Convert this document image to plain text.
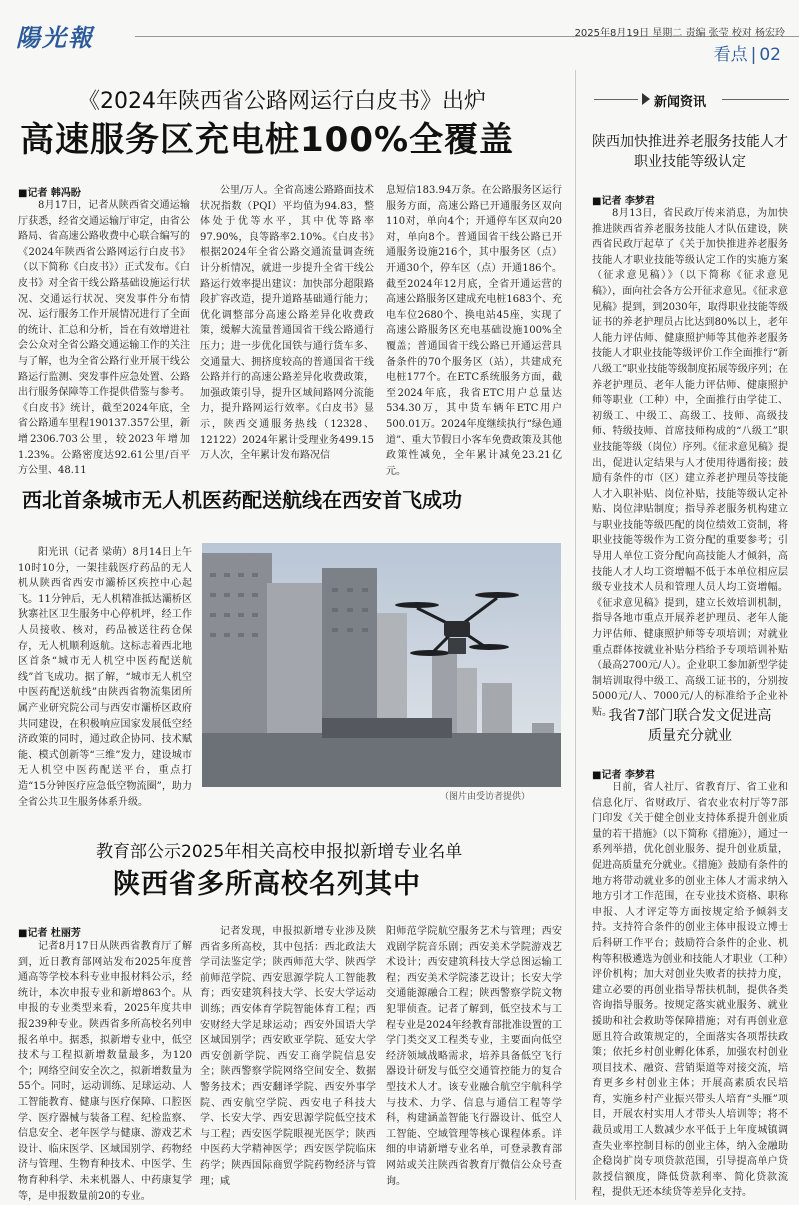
陽光報	2025年8月19日 星期二 责编 张莹 校对 杨宏玲
看点 | 02
《2024年陕西省公路网运行白皮书》出炉
高速服务区充电桩100%全覆盖
■记者 韩冯盼
8月17日，记者从陕西省交通运输厅获悉，经省交通运输厅审定，由省公路局、省高速公路收费中心联合编写的《2024年陕西省公路网运行白皮书》（以下简称《白皮书》）正式发布。《白皮书》对全省干线公路基础设施运行状况、交通运行状况、突发事件分布情况、运行服务工作开展情况进行了全面的统计、汇总和分析，旨在有效增进社会公众对全省公路交通运输工作的关注与了解，也为全省公路行业开展干线公路运行监测、突发事件应急处置、公路出行服务保障等工作提供借鉴与参考。《白皮书》统计，截至2024年底，全省公路通车里程190137.357公里，新增2306.703公里，较2023年增加1.23%。公路密度达92.61公里/百平方公里、48.11
公里/万人。全省高速公路路面技术状况指数（PQI）平均值为94.83，整体处于优等水平，其中优等路率97.90%，良等路率2.10%。《白皮书》根据2024年全省公路交通流量调查统计分析情况，就进一步提升全省干线公路运行效率提出建议：加快部分超限路段扩容改造，提升道路基础通行能力；优化调整部分高速公路差异化收费政策，缓解大流量普通国省干线公路通行压力；进一步优化国铁与通行货车多、交通量大、拥挤度较高的普通国省干线公路并行的高速公路差异化收费政策，加强政策引导，提升区域间路网分流能力，提升路网运行效率。《白皮书》显示，陕西交通服务热线（12328、12122）2024年累计受理业务499.15万人次，全年累计发布路况信
息短信183.94万条。在公路服务区运行服务方面，高速公路已开通服务区双向110对，单向4个；开通停车区双向20对，单向8个。普通国省干线公路已开通服务设施216个，其中服务区（点）开通30个，停车区（点）开通186个。截至2024年12月底，全省开通运营的高速公路服务区建成充电桩1683个、充电车位2680个、换电站45座，实现了高速公路服务区充电基础设施100%全覆盖；普通国省干线公路已开通运营具备条件的70个服务区（站），共建成充电桩177个。在ETC系统服务方面，截至2024年底，我省ETC用户总量达534.30万，其中货车辆年ETC用户500.01万。2024年度继续执行“绿色通道”、重大节假日小客车免费政策及其他政策性减免，全年累计减免23.21亿元。
西北首条城市无人机医药配送航线在西安首飞成功
阳光讯（记者 梁萌）8月14日上午10时10分，一架挂载医疗药品的无人机从陕西省西安市灞桥区疾控中心起飞。11分钟后，无人机精准抵达灞桥区狄寨社区卫生服务中心停机坪，经工作人员接收、核对，药品被送往药仓保存，无人机顺利返航。这标志着西北地区首条“城市无人机空中医药配送航线”首飞成功。据了解，“城市无人机空中医药配送航线”由陕西省物流集团所属产业研究院公司与西安市灞桥区政府共同建设，在积极响应国家发展低空经济政策的同时，通过政企协同、技术赋能、模式创新等“三维”发力，建设城市无人机空中医药配送平台，重点打造“15分钟医疗应急低空物流圈”，助力全省公共卫生服务体系升级。	（图片由受访者提供）
教育部公示2025年相关高校申报拟新增专业名单
陕西省多所高校名列其中
■记者 杜丽芳
记者8月17日从陕西省教育厅了解到，近日教育部网站发布2025年度普通高等学校本科专业申报材料公示，经统计，本次申报专业和新增863个。从申报的专业类型来看，2025年度共申报239种专业。陕西省多所高校名列申报名单中。据悉，拟新增专业中，低空技术与工程拟新增数量最多，为120个；网络空间安全次之，拟新增数量为55个。同时，运动训练、足球运动、人工智能教育、健康与医疗保障、口腔医学、医疗器械与装备工程、纪检监察、信息安全、老年医学与健康、游戏艺术设计、临床医学、区域国别学、药物经济与管理、生物育种技术、中医学、生物育种科学、未来机器人、中药康复学等，是申报数量前20的专业。
记者发现，申报拟新增专业涉及陕西省多所高校，其中包括：西北政法大学司法鉴定学；陕西师范大学、陕西学前师范学院、西安思源学院人工智能教育；西安建筑科技大学、长安大学运动训练；西安体育学院智能体育工程；西安财经大学足球运动；西安外国语大学区域国别学；西安欧亚学院、延安大学西安创新学院、西安工商学院信息安全；陕西警察学院网络空间安全、数据警务技术；西安翻译学院、西安外事学院、西安航空学院、西安电子科技大学、长安大学、西安思源学院低空技术与工程；西安医学院眼视光医学；陕西中医药大学精神医学；西安医学院临床药学；陕西国际商贸学院药物经济与管理；咸
阳师范学院航空服务艺术与管理；西安戏剧学院音乐剧；西安美术学院游戏艺术设计；西安建筑科技大学总图运输工程；西安美术学院漆艺设计；长安大学交通能源融合工程；陕西警察学院文物犯罪侦查。记者了解到，低空技术与工程专业是2024年经教育部批准设置的工学门类交叉工程类专业，主要面向低空经济领域战略需求，培养具备低空飞行器设计研发与低空交通管控能力的复合型技术人才。该专业融合航空宇航科学与技术、力学、信息与通信工程等学科，构建涵盖智能飞行器设计、低空人工智能、空域管理等核心课程体系。详细的申请新增专业名单，可登录教育部网站或关注陕西省教育厅微信公众号查询。
新闻资讯
陕西加快推进养老服务技能人才职业技能等级认定
■记者 李梦君
8月13日，省民政厅传来消息，为加快推进陕西省养老服务技能人才队伍建设，陕西省民政厅起草了《关于加快推进养老服务技能人才职业技能等级认定工作的实施方案（征求意见稿）》（以下简称《征求意见稿》），面向社会各方公开征求意见。《征求意见稿》提到，到2030年，取得职业技能等级证书的养老护理员占比达到80%以上，老年人能力评估师、健康照护师等其他养老服务技能人才职业技能等级评价工作全面推行“新八级工”职业技能等级制度拓展等级序列；在养老护理员、老年人能力评估师、健康照护师等职业（工种）中，全面推行由学徒工、初级工、中级工、高级工、技师、高级技师、特级技师、首席技师构成的“八级工”职业技能等级（岗位）序列。《征求意见稿》提出，促进认定结果与人才使用待遇衔接；鼓励有条件的市（区）建立养老护理员等技能人才入职补贴、岗位补贴，技能等级认定补贴、岗位津贴制度；指导养老服务机构建立与职业技能等级匹配的岗位绩效工资制，将职业技能等级作为工资分配的重要参考；引导用人单位工资分配向高技能人才倾斜，高技能人才人均工资增幅不低于本单位相应层级专业技术人员和管理人员人均工资增幅。《征求意见稿》提到，建立长效培训机制，指导各地市重点开展养老护理员、老年人能力评估师、健康照护师等专项培训；对就业重点群体按就业补贴分档给予专项培训补贴（最高2700元/人）。企业职工参加新型学徒制培训取得中级工、高级工证书的，分别按5000元/人、7000元/人的标准给予企业补贴。
我省7部门联合发文促进高质量充分就业
■记者 李梦君
日前，省人社厅、省教育厅、省工业和信息化厅、省财政厅、省农业农村厅等7部门印发《关于健全创业支持体系提升创业质量的若干措施》（以下简称《措施》），通过一系列举措，优化创业服务、提升创业质量，促进高质量充分就业。《措施》鼓励有条件的地方将带动就业多的创业主体人才需求纳入地方引才工作范围，在专业技术资格、职称申报、人才评定等方面按规定给予倾斜支持。支持符合条件的创业主体申报设立博士后科研工作平台；鼓励符合条件的企业、机构等积极遴选为创业和技能人才职业（工种）评价机构；加大对创业失败者的扶持力度，建立必要的再创业指导帮扶机制，提供各类咨询指导服务。按规定落实就业服务、就业援助和社会救助等保障措施；对有再创业意愿且符合政策规定的，全面落实各项帮扶政策；依托乡村创业孵化体系，加强农村创业项目技术、融资、营销渠道等对接交流，培育更多乡村创业主体；开展高素质农民培育，实施乡村产业振兴带头人培育“头雁”项目，开展农村实用人才带头人培训等；将不裁员或用工人数减少水平低于上年度城镇调查失业率控制目标的创业主体，纳入金融助企稳岗扩岗专项贷款范围，引导提高单户贷款授信额度，降低贷款利率、简化贷款流程，提供无还本续贷等差异化支持。
